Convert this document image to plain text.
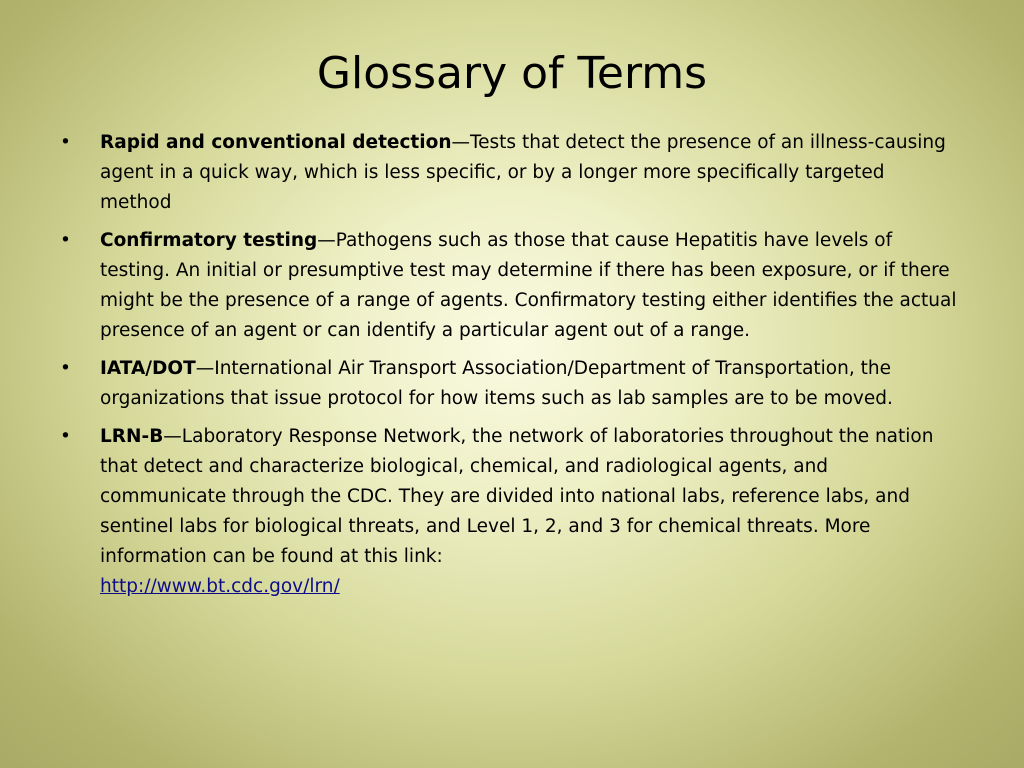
Glossary of Terms
•	Rapid and conventional detection—Tests that detect the presence of an illness-causing agent in a quick way, which is less specific, or by a longer more specifically targeted method
•	Confirmatory testing—Pathogens such as those that cause Hepatitis have levels of testing. An initial or presumptive test may determine if there has been exposure, or if there might be the presence of a range of agents. Confirmatory testing either identifies the actual presence of an agent or can identify a particular agent out of a range.
•	IATA/DOT—International Air Transport Association/Department of Transportation, the organizations that issue protocol for how items such as lab samples are to be moved.
•	LRN-B—Laboratory Response Network, the network of laboratories throughout the nation that detect and characterize biological, chemical, and radiological agents, and communicate through the CDC. They are divided into national labs, reference labs, and sentinel labs for biological threats, and Level 1, 2, and 3 for chemical threats. More information can be found at this link:
http://www.bt.cdc.gov/lrn/
